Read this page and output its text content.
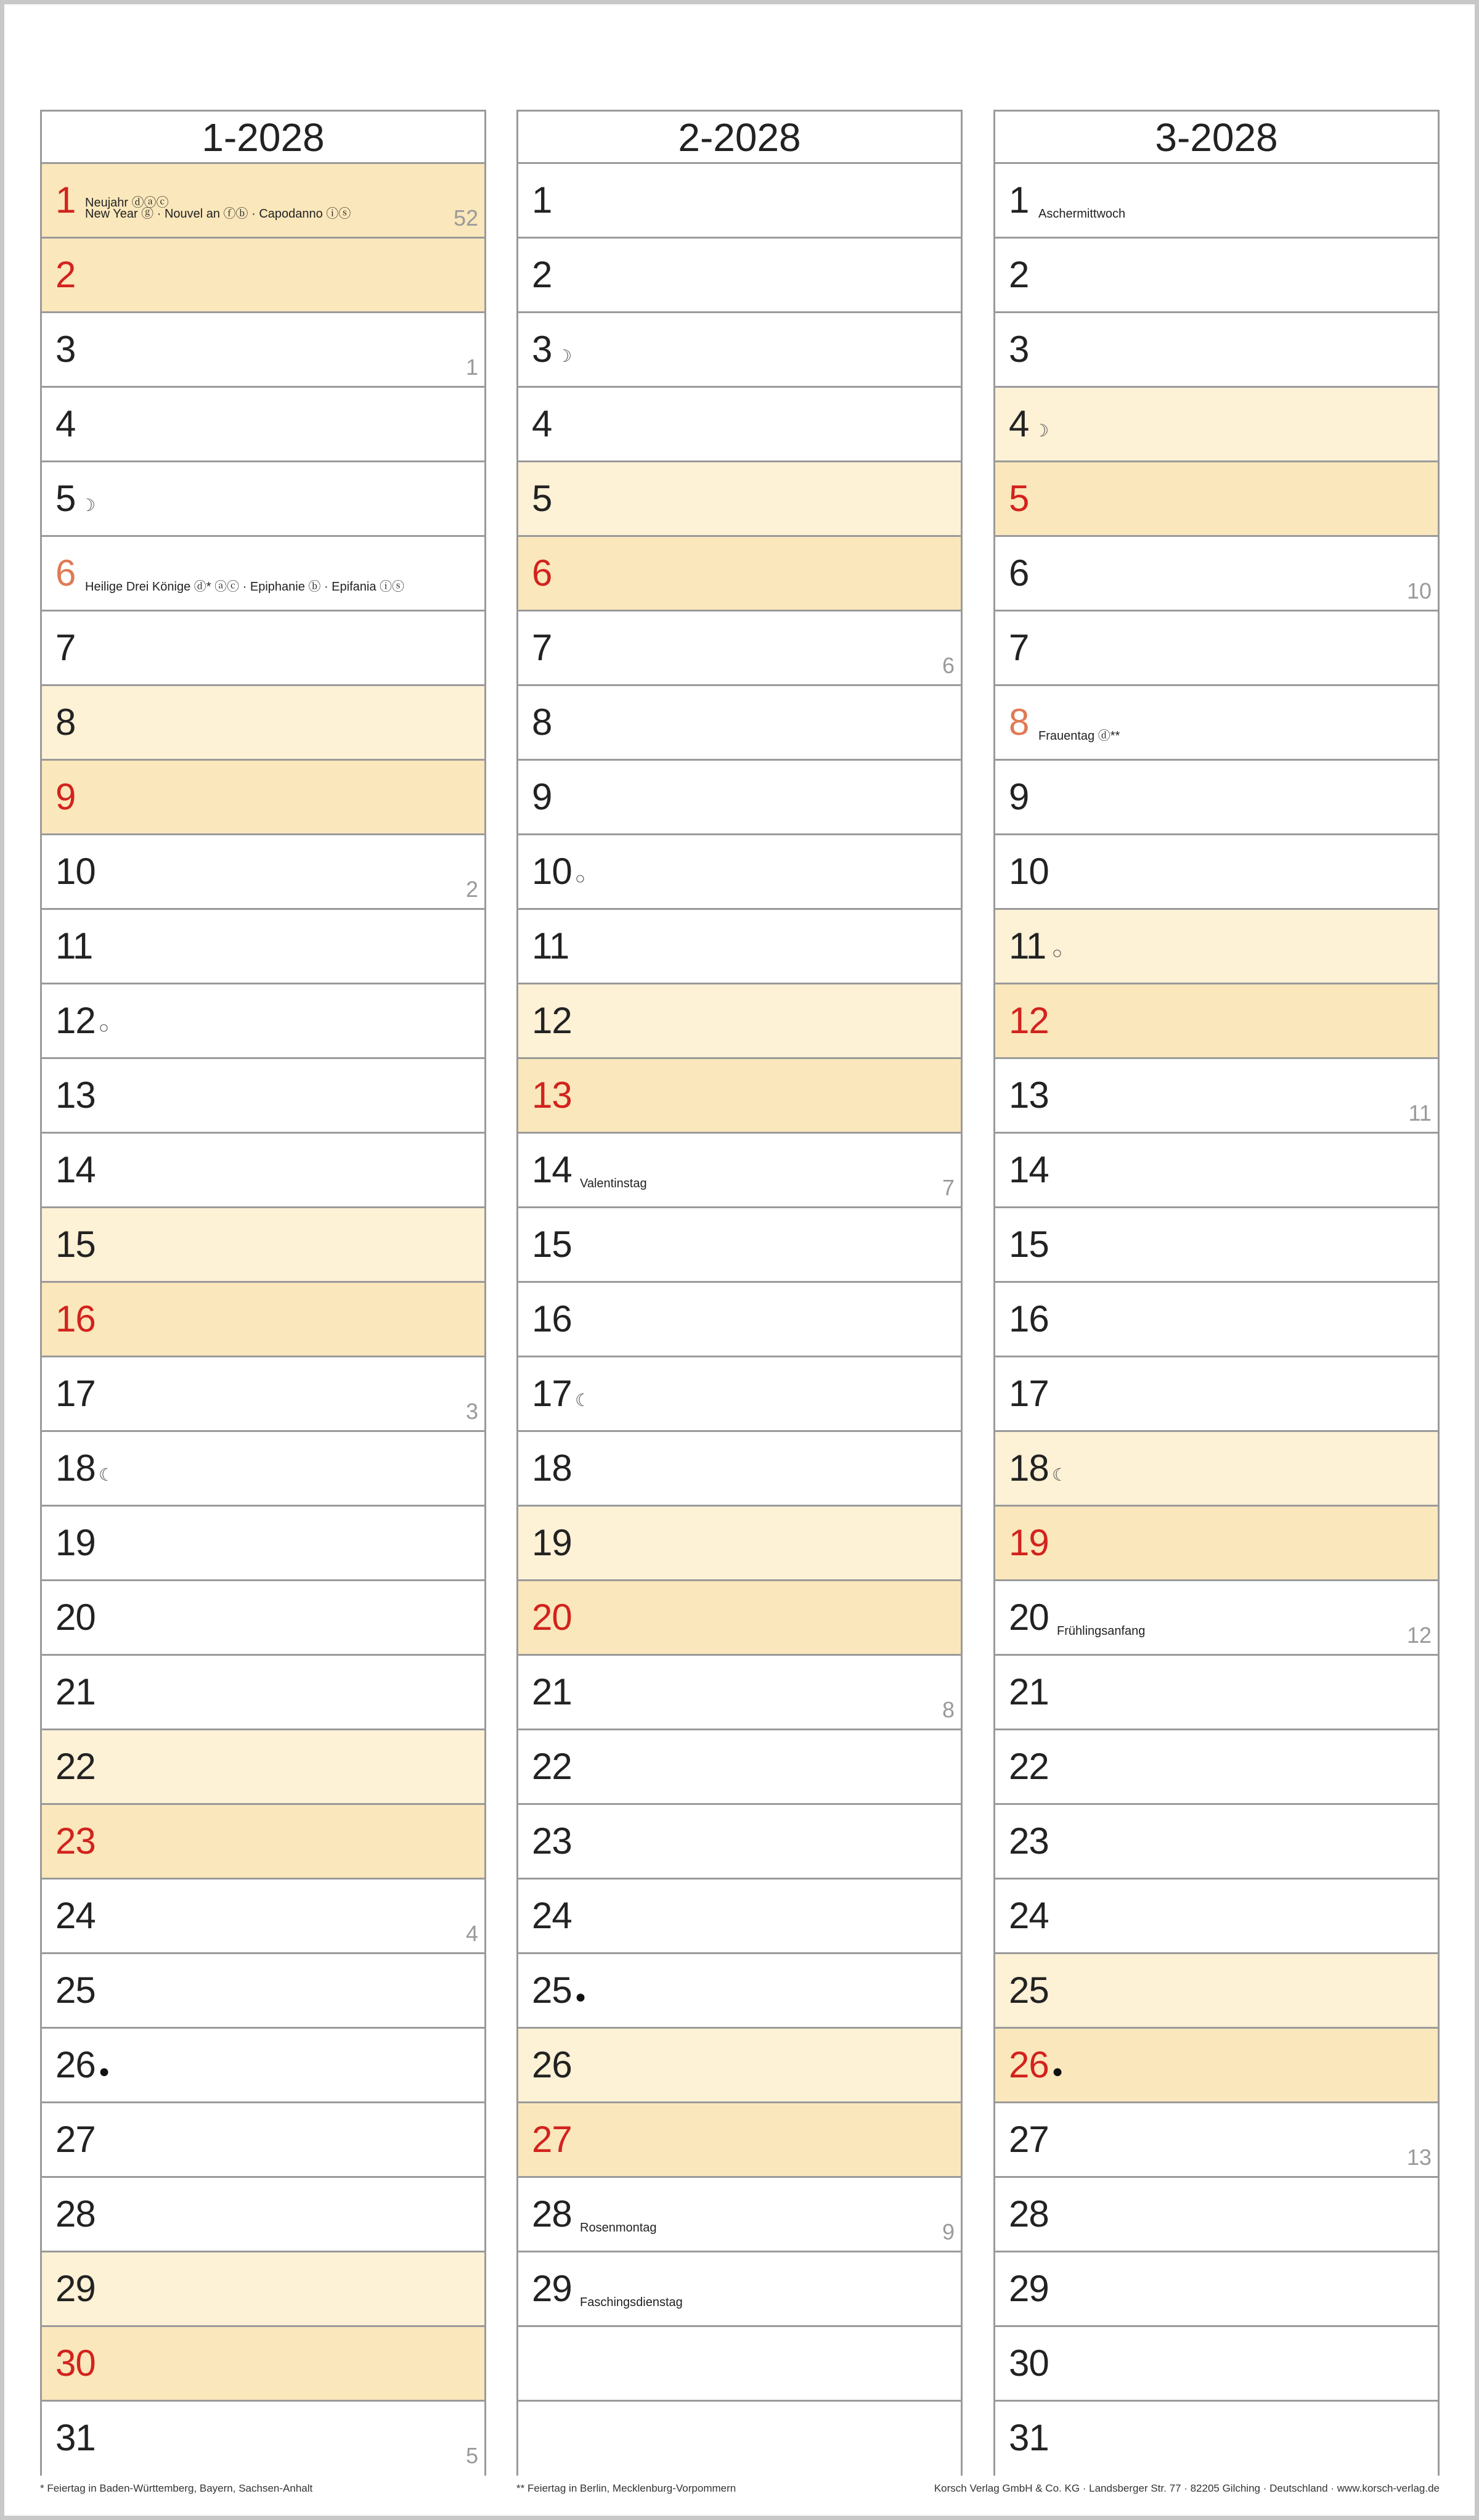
1-2028
1 Neujahr ⓓⓐⓒ
New Year ⓖ · Nouvel an ⓕⓑ · Capodanno ⓘⓢ	52
2
3	1
4
5 ☽
6 Heilige Drei Könige ⓓ* ⓐⓒ · Epiphanie ⓑ · Epifania ⓘⓢ
7
8
9
10	2
11
12 ○
13
14
15
16
17	3
18 ☾
19
20
21
22
23
24	4
25
26 ●
27
28
29
30
31	5
2-2028
1
2
3 ☽
4
5
6
7	6
8
9
10 ○
11
12
13
14 Valentinstag	7
15
16
17 ☾
18
19
20
21	8
22
23
24
25 ●
26
27
28 Rosenmontag	9
29 Faschingsdienstag
3-2028
1 Aschermittwoch
2
3
4 ☽
5
6	10
7
8 Frauentag ⓓ**
9
10
11 ○
12
13	11
14
15
16
17
18 ☾
19
20 Frühlingsanfang	12
21
22
23
24
25
26 ●
27	13
28
29
30
31
* Feiertag in Baden-Württemberg, Bayern, Sachsen-Anhalt	** Feiertag in Berlin, Mecklenburg-Vorpommern	Korsch Verlag GmbH & Co. KG · Landsberger Str. 77 · 82205 Gilching · Deutschland · www.korsch-verlag.de
